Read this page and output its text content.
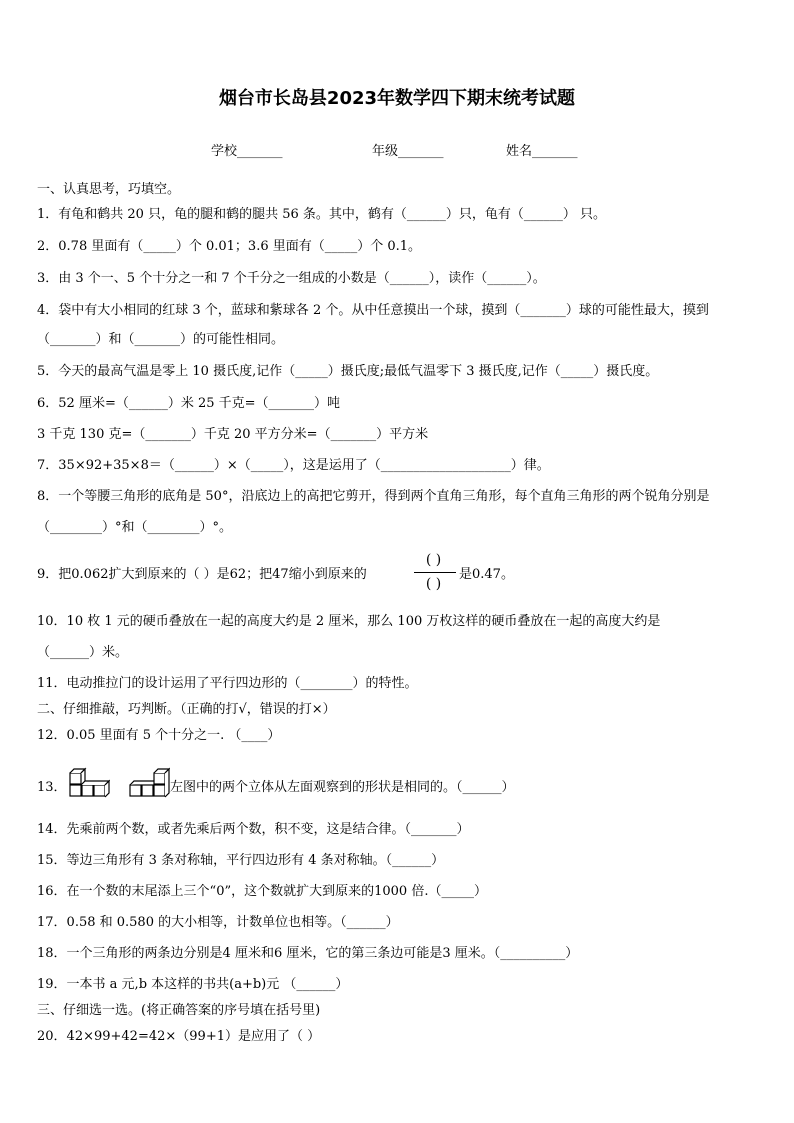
烟台市长岛县2023年数学四下期末统考试题
学校_______	年级_______	姓名_______
一、认真思考，巧填空。
1．有龟和鹤共 20 只，龟的腿和鹤的腿共 56 条。其中，鹤有（______）只，龟有（______） 只。
2．0.78 里面有（_____）个 0.01；3.6 里面有（_____）个 0.1。
3．由 3 个一、5 个十分之一和 7 个千分之一组成的小数是（______），读作（______）。
4．袋中有大小相同的红球 3 个，蓝球和紫球各 2 个。从中任意摸出一个球，摸到（_______）球的可能性最大，摸到
（_______）和（_______）的可能性相同。
5．今天的最高气温是零上 10 摄氏度,记作（_____）摄氏度;最低气温零下 3 摄氏度,记作（_____）摄氏度。
6．52 厘米=（______）米 25 千克=（_______）吨
3 千克 130 克=（_______）千克 20 平方分米=（_______）平方米
7．35×92+35×8＝（______）×（_____），这是运用了（____________________）律。
8．一个等腰三角形的底角是 50°，沿底边上的高把它剪开，得到两个直角三角形，每个直角三角形的两个锐角分别是
（________）°和（________）°。
9．把0.062扩大到原来的（ ）是62；把47缩小到原来的
( )
( )
是0.47。
10．10 枚 1 元的硬币叠放在一起的高度大约是 2 厘米，那么 100 万枚这样的硬币叠放在一起的高度大约是
（______）米。
11．电动推拉门的设计运用了平行四边形的（________）的特性。
二、仔细推敲，巧判断。（正确的打√，错误的打×）
12．0.05 里面有 5 个十分之一. （____）
13．	左图中的两个立体从左面观察到的形状是相同的。（______）
14．先乘前两个数，或者先乘后两个数，积不变，这是结合律。（_______）
15．等边三角形有 3 条对称轴，平行四边形有 4 条对称轴。（______）
16．在一个数的末尾添上三个“0”，这个数就扩大到原来的1000 倍.（_____）
17．0.58 和 0.580 的大小相等，计数单位也相等。（______）
18．一个三角形的两条边分别是4 厘米和6 厘米，它的第三条边可能是3 厘米。（__________）
19．一本书 a 元,b 本这样的书共(a+b)元 （______）
三、仔细选一选。(将正确答案的序号填在括号里)
20．42×99+42=42×（99+1）是应用了（ ）
